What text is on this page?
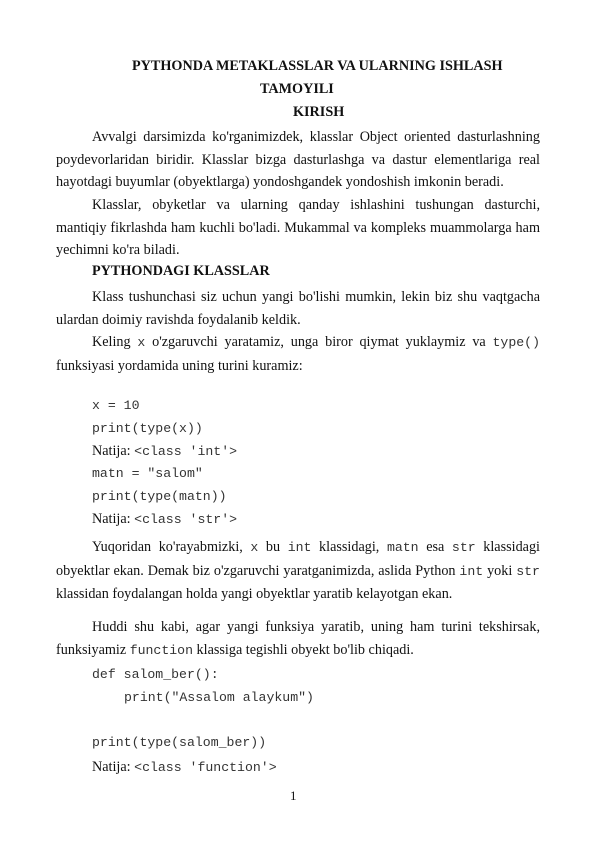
PYTHONDA METAKLASSLAR VA ULARNING ISHLASH
TAMOYILI
KIRISH
Avvalgi darsimizda ko'rganimizdek, klasslar Object oriented dasturlashning poydevorlaridan biridir. Klasslar bizga dasturlashga va dastur elementlariga real hayotdagi buyumlar (obyektlarga) yondoshgandek yondoshish imkonin beradi.
Klasslar, obyketlar va ularning qanday ishlashini tushungan dasturchi, mantiqiy fikrlashda ham kuchli bo'ladi. Mukammal va kompleks muammolarga ham yechimni ko'ra biladi.
PYTHONDAGI KLASSLAR
Klass tushunchasi siz uchun yangi bo'lishi mumkin, lekin biz shu vaqtgacha ulardan doimiy ravishda foydalanib keldik.
Keling x o'zgaruvchi yaratamiz, unga biror qiymat yuklaymiz va type() funksiyasi yordamida uning turini kuramiz:
x = 10
print(type(x))
Natija: <class 'int'>
matn = "salom"
print(type(matn))
Natija: <class 'str'>
Yuqoridan ko'rayabmizki, x bu int klassidagi, matn esa str klassidagi obyektlar ekan. Demak biz o'zgaruvchi yaratganimizda, aslida Python int yoki str klassidan foydalangan holda yangi obyektlar yaratib kelayotgan ekan.
Huddi shu kabi, agar yangi funksiya yaratib, uning ham turini tekshirsak, funksiyamiz function klassiga tegishli obyekt bo'lib chiqadi.
def salom_ber():
print("Assalom alaykum")
print(type(salom_ber))
Natija: <class 'function'>
1
